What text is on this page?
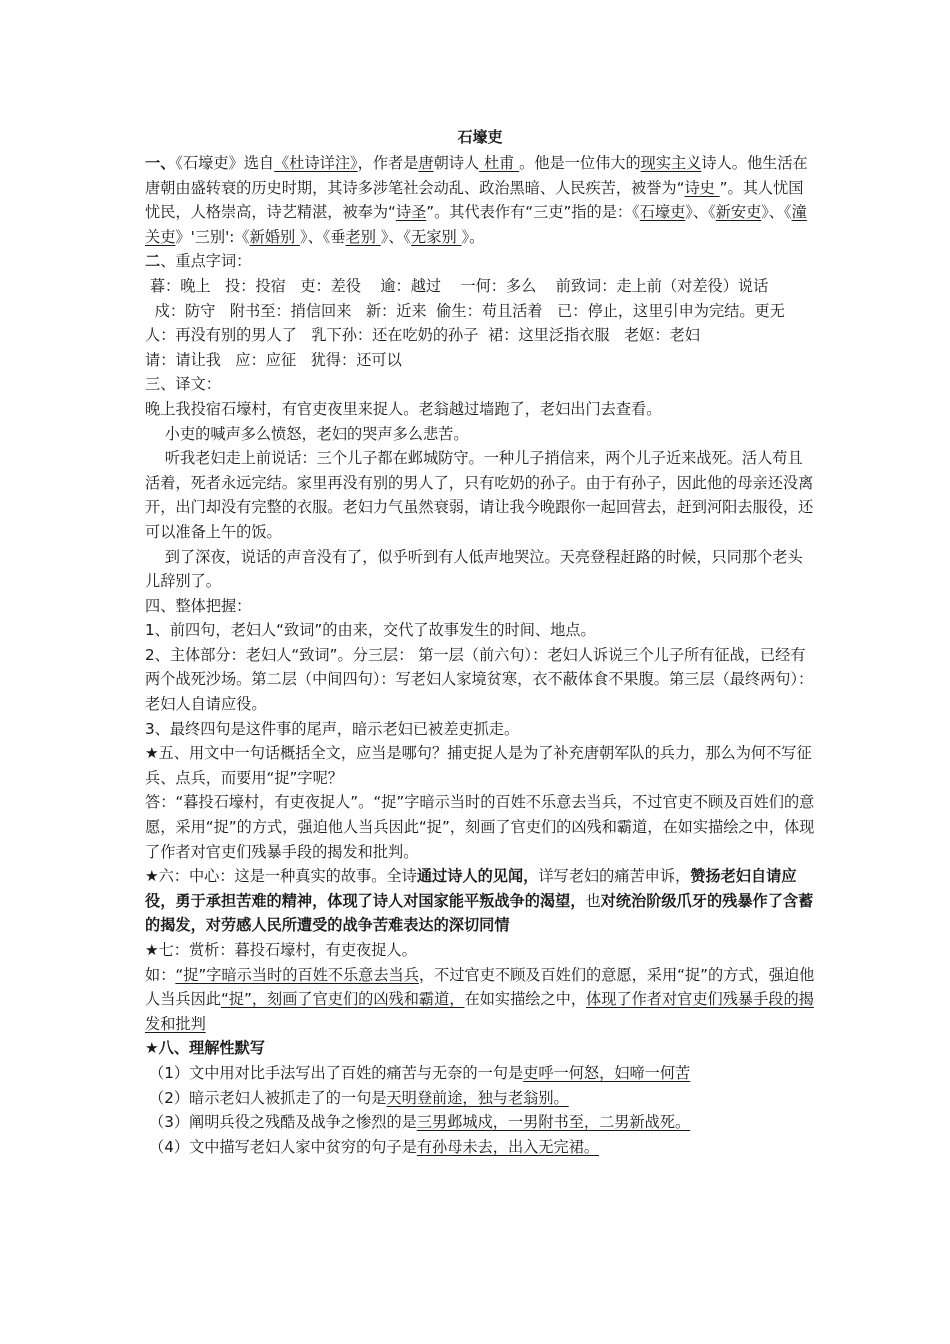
石壕吏

一、《石壕吏》选自《杜诗详注》，作者是唐朝诗人 杜甫 。他是一位伟大的现实主义诗人。他生活在唐朝由盛转衰的历史时期，其诗多涉笔社会动乱、政治黑暗、人民疾苦，被誉为“诗史 ”。其人忧国忧民，人格崇高，诗艺精湛，被奉为“诗圣”。其代表作有“三吏”指的是：《石壕吏》、《新安吏》、《潼关吏》'三别':《新婚别 》、《垂老别 》、《无家别 》。

二、重点字词：

暮：晚上   投：投宿   吏：差役    逾：越过    一何：多么    前致词：走上前（对差役）说话

戍：防守   附书至：捎信回来   新：近来  偷生：苟且活着   已：停止，这里引申为完结。更无人：再没有别的男人了   乳下孙：还在吃奶的孙子  裙：这里泛指衣服   老妪：老妇

请：请让我   应：应征   犹得：还可以

三、译文：

晚上我投宿石壕村，有官吏夜里来捉人。老翁越过墙跑了，老妇出门去查看。

小吏的喊声多么愤怒，老妇的哭声多么悲苦。

听我老妇走上前说话：三个儿子都在邺城防守。一种儿子捎信来，两个儿子近来战死。活人苟且活着，死者永远完结。家里再没有别的男人了，只有吃奶的孙子。由于有孙子，因此他的母亲还没离开，出门却没有完整的衣服。老妇力气虽然衰弱，请让我今晚跟你一起回营去，赶到河阳去服役，还可以准备上午的饭。

到了深夜，说话的声音没有了，似乎听到有人低声地哭泣。天亮登程赶路的时候，只同那个老头儿辞别了。

四、整体把握：

1、前四句，老妇人“致词”的由来，交代了故事发生的时间、地点。

2、主体部分：老妇人“致词”。分三层： 第一层（前六句）：老妇人诉说三个儿子所有征战，已经有两个战死沙场。第二层（中间四句）：写老妇人家境贫寒，衣不蔽体食不果腹。第三层（最终两句）：老妇人自请应役。

3、最终四句是这件事的尾声，暗示老妇已被差吏抓走。

★五、用文中一句话概括全文，应当是哪句？捕吏捉人是为了补充唐朝军队的兵力，那么为何不写征兵、点兵，而要用“捉”字呢？

答：“暮投石壕村，有吏夜捉人”。“捉”字暗示当时的百姓不乐意去当兵，不过官吏不顾及百姓们的意愿，采用“捉”的方式，强迫他人当兵因此“捉”，刻画了官吏们的凶残和霸道，在如实描绘之中，体现了作者对官吏们残暴手段的揭发和批判。

★六：中心：这是一种真实的故事。全诗通过诗人的见闻，详写老妇的痛苦申诉，赞扬老妇自请应役，勇于承担苦难的精神，体现了诗人对国家能平叛战争的渴望，也对统治阶级爪牙的残暴作了含蓄的揭发，对劳感人民所遭受的战争苦难表达的深切同情

★七：赏析：暮投石壕村，有吏夜捉人。

如：“捉”字暗示当时的百姓不乐意去当兵，不过官吏不顾及百姓们的意愿，采用“捉”的方式，强迫他人当兵因此“捉”，刻画了官吏们的凶残和霸道，在如实描绘之中，体现了作者对官吏们残暴手段的揭发和批判

★八、理解性默写

（1）文中用对比手法写出了百姓的痛苦与无奈的一句是吏呼一何怒，妇啼一何苦

（2）暗示老妇人被抓走了的一句是天明登前途，独与老翁别。

（3）阐明兵役之残酷及战争之惨烈的是三男邺城戍，一男附书至，二男新战死。

（4）文中描写老妇人家中贫穷的句子是有孙母未去，出入无完裙。
